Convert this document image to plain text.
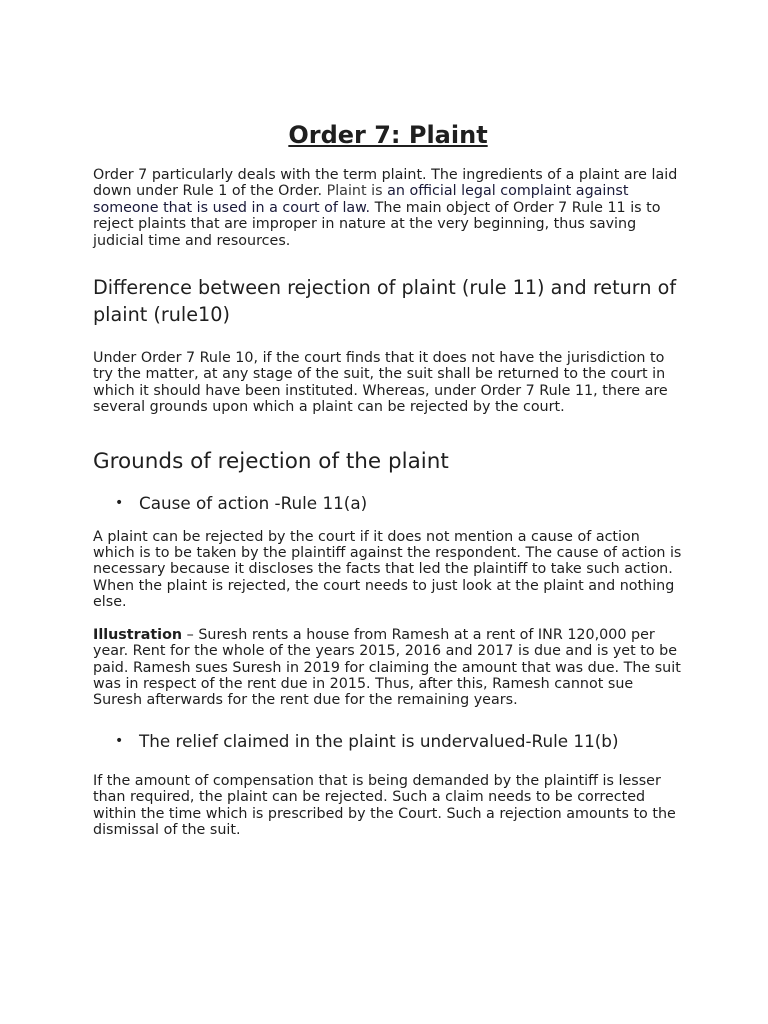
Order 7: Plaint

Order 7 particularly deals with the term plaint. The ingredients of a plaint are laid down under Rule 1 of the Order. Plaint is an official legal complaint against someone that is used in a court of law. The main object of Order 7 Rule 11 is to reject plaints that are improper in nature at the very beginning, thus saving judicial time and resources.

Difference between rejection of plaint (rule 11) and return of plaint (rule10)

Under Order 7 Rule 10, if the court finds that it does not have the jurisdiction to try the matter, at any stage of the suit, the suit shall be returned to the court in which it should have been instituted. Whereas, under Order 7 Rule 11, there are several grounds upon which a plaint can be rejected by the court.

Grounds of rejection of the plaint
• Cause of action -Rule 11(a)

A plaint can be rejected by the court if it does not mention a cause of action which is to be taken by the plaintiff against the respondent. The cause of action is necessary because it discloses the facts that led the plaintiff to take such action. When the plaint is rejected, the court needs to just look at the plaint and nothing else.

Illustration – Suresh rents a house from Ramesh at a rent of INR 120,000 per year. Rent for the whole of the years 2015, 2016 and 2017 is due and is yet to be paid. Ramesh sues Suresh in 2019 for claiming the amount that was due. The suit was in respect of the rent due in 2015. Thus, after this, Ramesh cannot sue Suresh afterwards for the rent due for the remaining years.

• The relief claimed in the plaint is undervalued-Rule 11(b)

If the amount of compensation that is being demanded by the plaintiff is lesser than required, the plaint can be rejected. Such a claim needs to be corrected within the time which is prescribed by the Court. Such a rejection amounts to the dismissal of the suit.
